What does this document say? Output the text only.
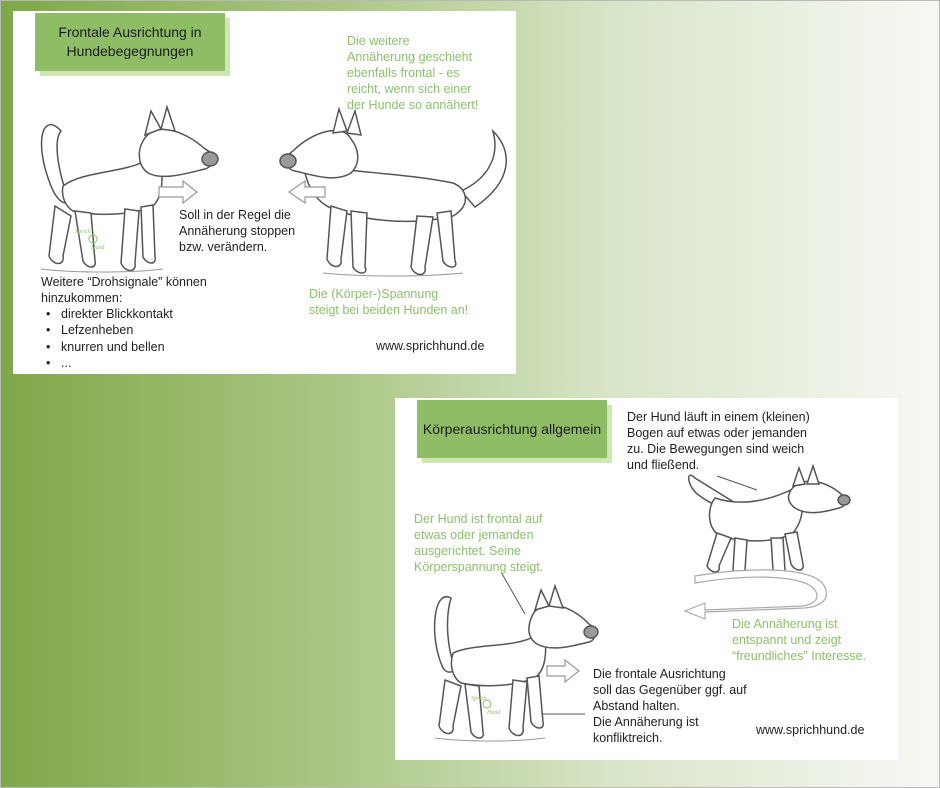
Frontale Ausrichtung in Hundebegegnungen
Sprich
Hund
Die weitere
Annäherung geschieht
ebenfalls frontal - es
reicht, wenn sich einer
der Hunde so annähert!
Soll in der Regel die
Annäherung stoppen
bzw. verändern.
Weitere “Drohsignale” können
hinzukommen:
• direkter Blickkontakt
• Lefzenheben
• knurren und bellen
• ...
Die (Körper-)Spannung
steigt bei beiden Hunden an!
www.sprichhund.de
Körperausrichtung allgemein
Sprich
Hund
Der Hund läuft in einem (kleinen)
Bogen auf etwas oder jemanden
zu. Die Bewegungen sind weich
und fließend.
Der Hund ist frontal auf
etwas oder jemanden
ausgerichtet. Seine
Körperspannung steigt.
Die Annäherung ist
entspannt und zeigt
“freundliches” Interesse.
Die frontale Ausrichtung
soll das Gegenüber ggf. auf
Abstand halten.
Die Annäherung ist
konfliktreich.
www.sprichhund.de
